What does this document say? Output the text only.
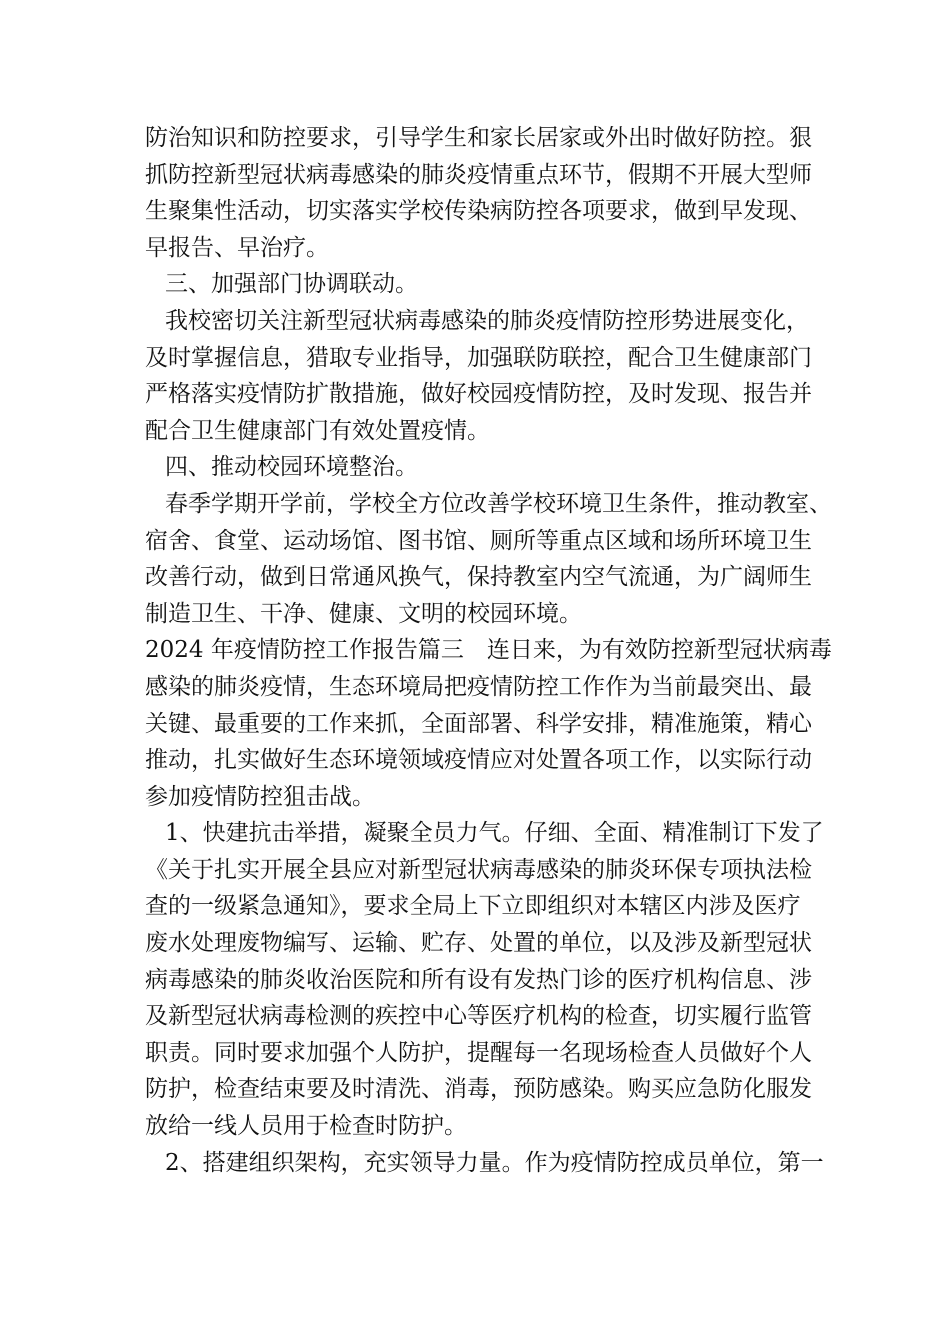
防治知识和防控要求，引导学生和家长居家或外出时做好防控。狠
抓防控新型冠状病毒感染的肺炎疫情重点环节，假期不开展大型师
生聚集性活动，切实落实学校传染病防控各项要求，做到早发现、
早报告、早治疗。
三、加强部门协调联动。
我校密切关注新型冠状病毒感染的肺炎疫情防控形势进展变化，
及时掌握信息，猎取专业指导，加强联防联控，配合卫生健康部门
严格落实疫情防扩散措施，做好校园疫情防控，及时发现、报告并
配合卫生健康部门有效处置疫情。
四、推动校园环境整治。
春季学期开学前，学校全方位改善学校环境卫生条件，推动教室、
宿舍、食堂、运动场馆、图书馆、厕所等重点区域和场所环境卫生
改善行动，做到日常通风换气，保持教室内空气流通，为广阔师生
制造卫生、干净、健康、文明的校园环境。
2024 年疫情防控工作报告篇三　连日来，为有效防控新型冠状病毒
感染的肺炎疫情，生态环境局把疫情防控工作作为当前最突出、最
关键、最重要的工作来抓，全面部署、科学安排，精准施策，精心
推动，扎实做好生态环境领域疫情应对处置各项工作，以实际行动
参加疫情防控狙击战。
1、快建抗击举措，凝聚全员力气。仔细、全面、精准制订下发了
《关于扎实开展全县应对新型冠状病毒感染的肺炎环保专项执法检
查的一级紧急通知》，要求全局上下立即组织对本辖区内涉及医疗
废水处理废物编写、运输、贮存、处置的单位，以及涉及新型冠状
病毒感染的肺炎收治医院和所有设有发热门诊的医疗机构信息、涉
及新型冠状病毒检测的疾控中心等医疗机构的检查，切实履行监管
职责。同时要求加强个人防护，提醒每一名现场检查人员做好个人
防护，检查结束要及时清洗、消毒，预防感染。购买应急防化服发
放给一线人员用于检查时防护。
2、搭建组织架构，充实领导力量。作为疫情防控成员单位，第一
